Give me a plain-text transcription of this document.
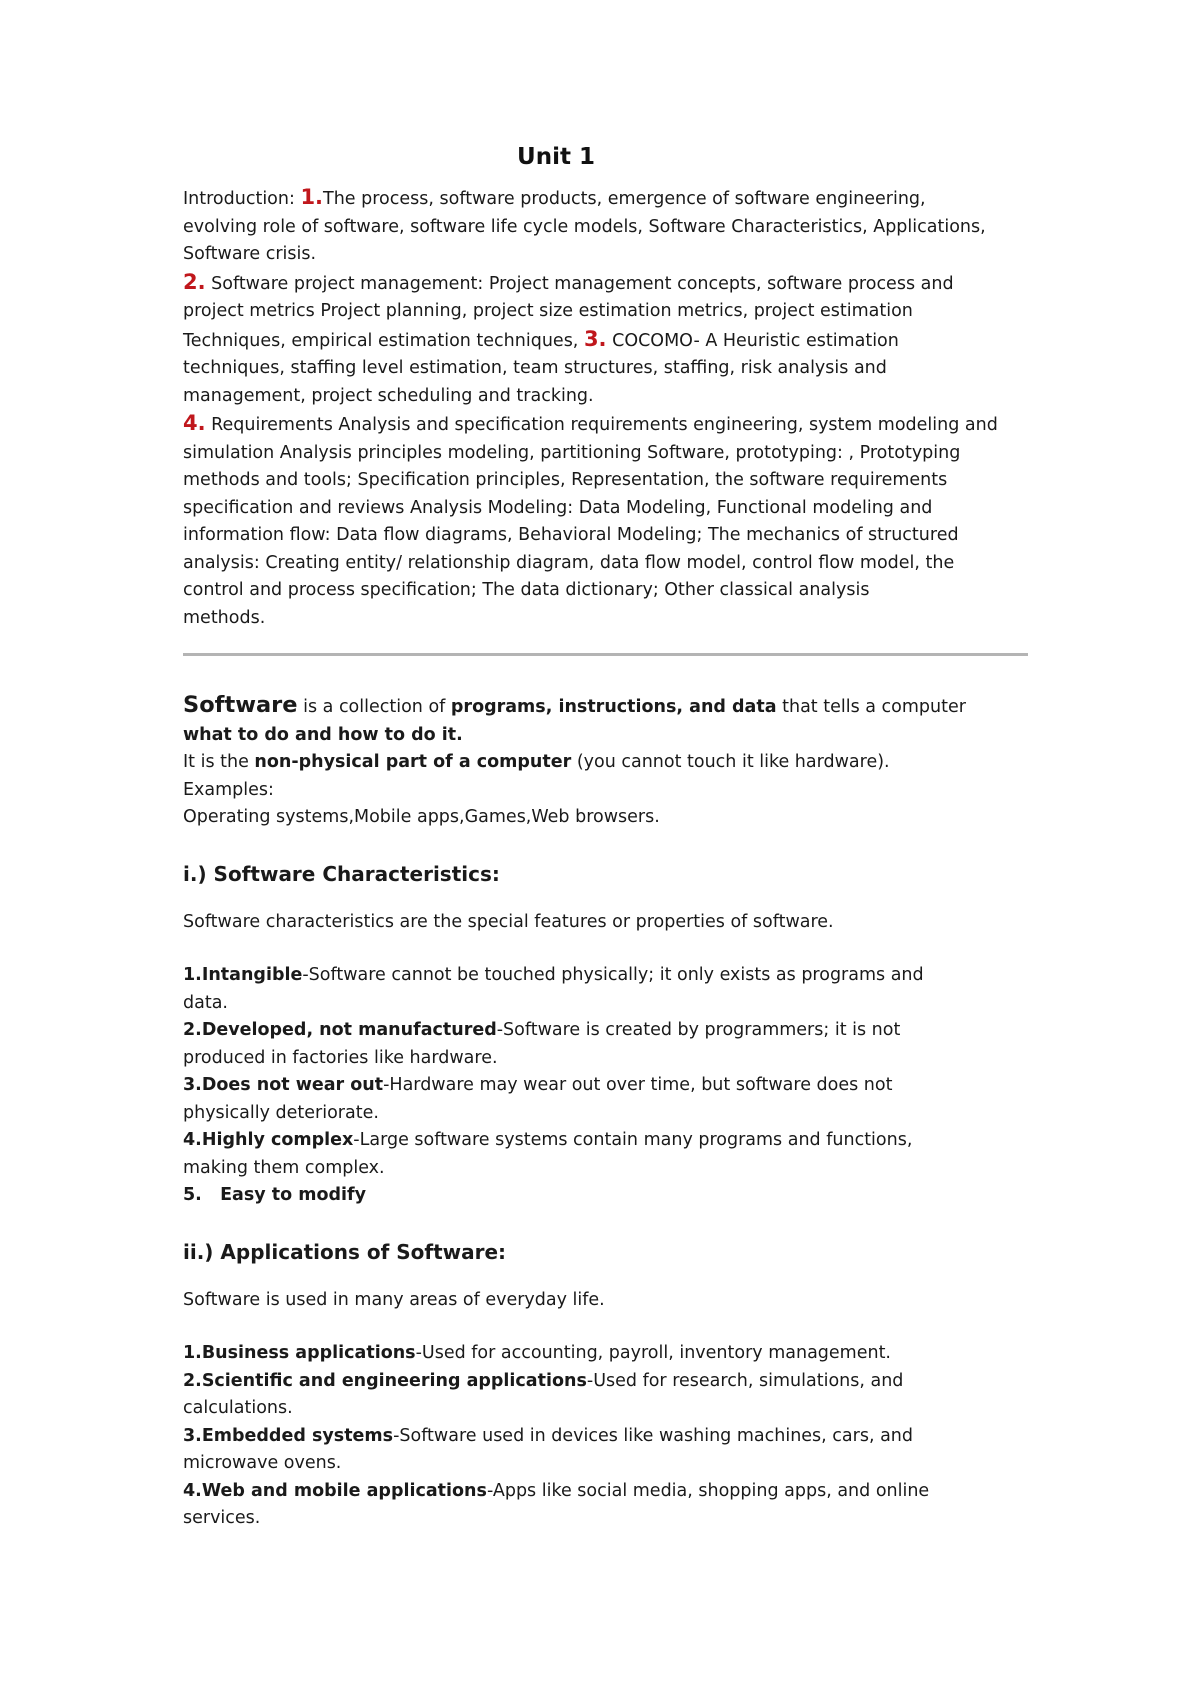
Unit 1

Introduction: 1.The process, software products, emergence of software engineering,

evolving role of software, software life cycle models, Software Characteristics, Applications,

Software crisis.

2. Software project management: Project management concepts, software process and

project metrics Project planning, project size estimation metrics, project estimation

Techniques, empirical estimation techniques, 3. COCOMO- A Heuristic estimation

techniques, staffing level estimation, team structures, staffing, risk analysis and

management, project scheduling and tracking.

4. Requirements Analysis and specification requirements engineering, system modeling and

simulation Analysis principles modeling, partitioning Software, prototyping: , Prototyping

methods and tools; Specification principles, Representation, the software requirements

specification and reviews Analysis Modeling: Data Modeling, Functional modeling and

information flow: Data flow diagrams, Behavioral Modeling; The mechanics of structured

analysis: Creating entity/ relationship diagram, data flow model, control flow model, the

control and process specification; The data dictionary; Other classical analysis

methods.

Software is a collection of programs, instructions, and data that tells a computer

what to do and how to do it.

It is the non-physical part of a computer (you cannot touch it like hardware).

Examples:

Operating systems,Mobile apps,Games,Web browsers.

i.) Software Characteristics:

Software characteristics are the special features or properties of software.

1.Intangible-Software cannot be touched physically; it only exists as programs and

data.

2.Developed, not manufactured-Software is created by programmers; it is not

produced in factories like hardware.

3.Does not wear out-Hardware may wear out over time, but software does not

physically deteriorate.

4.Highly complex-Large software systems contain many programs and functions,

making them complex.

5.   Easy to modify

ii.) Applications of Software:

Software is used in many areas of everyday life.

1.Business applications-Used for accounting, payroll, inventory management.

2.Scientific and engineering applications-Used for research, simulations, and

calculations.

3.Embedded systems-Software used in devices like washing machines, cars, and

microwave ovens.

4.Web and mobile applications-Apps like social media, shopping apps, and online

services.
